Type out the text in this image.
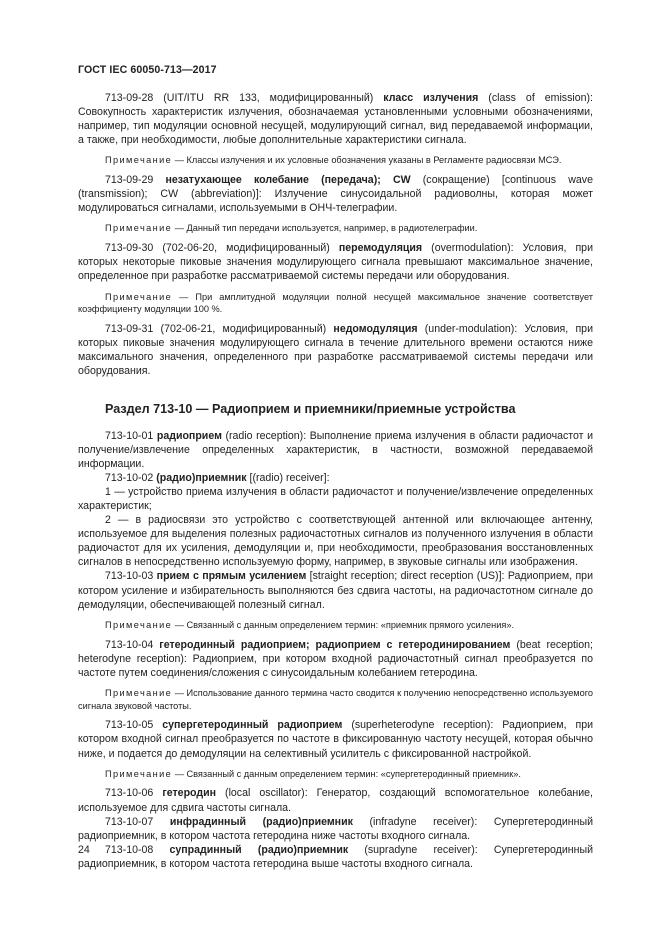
ГОСТ IEC 60050-713—2017

713-09-28 (UIT/ITU RR 133, модифицированный) класс излучения (class of emission): Совокупность характеристик излучения, обозначаемая установленными условными обозначениями, например, тип модуляции основной несущей, модулирующий сигнал, вид передаваемой информации, а также, при необходимости, любые дополнительные характеристики сигнала.

Примечание — Классы излучения и их условные обозначения указаны в Регламенте радиосвязи МСЭ.

713-09-29 незатухающее колебание (передача); CW (сокращение) [continuous wave (transmission); CW (abbreviation)]: Излучение синусоидальной радиоволны, которая может модулироваться сигналами, используемыми в ОНЧ-телеграфии.

Примечание — Данный тип передачи используется, например, в радиотелеграфии.

713-09-30 (702-06-20, модифицированный) перемодуляция (overmodulation): Условия, при которых некоторые пиковые значения модулирующего сигнала превышают максимальное значение, определенное при разработке рассматриваемой системы передачи или оборудования.

Примечание — При амплитудной модуляции полной несущей максимальное значение соответствует коэффициенту модуляции 100 %.

713-09-31 (702-06-21, модифицированный) недомодуляция (under-modulation): Условия, при которых пиковые значения модулирующего сигнала в течение длительного времени остаются ниже максимального значения, определенного при разработке рассматриваемой системы передачи или оборудования.

Раздел 713-10 — Радиоприем и приемники/приемные устройства

713-10-01 радиоприем (radio reception): Выполнение приема излучения в области радиочастот и получение/извлечение определенных характеристик, в частности, возможной передаваемой информации.

713-10-02 (радио)приемник [(radio) receiver]:

1 — устройство приема излучения в области радиочастот и получение/извлечение определенных характеристик;

2 — в радиосвязи это устройство с соответствующей антенной или включающее антенну, используемое для выделения полезных радиочастотных сигналов из полученного излучения в области радиочастот для их усиления, демодуляции и, при необходимости, преобразования восстановленных сигналов в непосредственно используемую форму, например, в звуковые сигналы или изображения.

713-10-03 прием с прямым усилением [straight reception; direct reception (US)]: Радиоприем, при котором усиление и избирательность выполняются без сдвига частоты, на радиочастотном сигнале до демодуляции, обеспечивающей полезный сигнал.

Примечание — Связанный с данным определением термин: «приемник прямого усиления».

713-10-04 гетеродинный радиоприем; радиоприем с гетеродинированием (beat reception; heterodyne reception): Радиоприем, при котором входной радиочастотный сигнал преобразуется по частоте путем соединения/сложения с синусоидальным колебанием гетеродина.

Примечание — Использование данного термина часто сводится к получению непосредственно используемого сигнала звуковой частоты.

713-10-05 супергетеродинный радиоприем (superheterodyne reception): Радиоприем, при котором входной сигнал преобразуется по частоте в фиксированную частоту несущей, которая обычно ниже, и подается до демодуляции на селективный усилитель с фиксированной настройкой.

Примечание — Связанный с данным определением термин: «супергетеродинный приемник».

713-10-06 гетеродин (local oscillator): Генератор, создающий вспомогательное колебание, используемое для сдвига частоты сигнала.

713-10-07 инфрадинный (радио)приемник (infradyne receiver): Супергетеродинный радиоприемник, в котором частота гетеродина ниже частоты входного сигнала.

713-10-08 супрадинный (радио)приемник (supradyne receiver): Супергетеродинный радиоприемник, в котором частота гетеродина выше частоты входного сигнала.

24
